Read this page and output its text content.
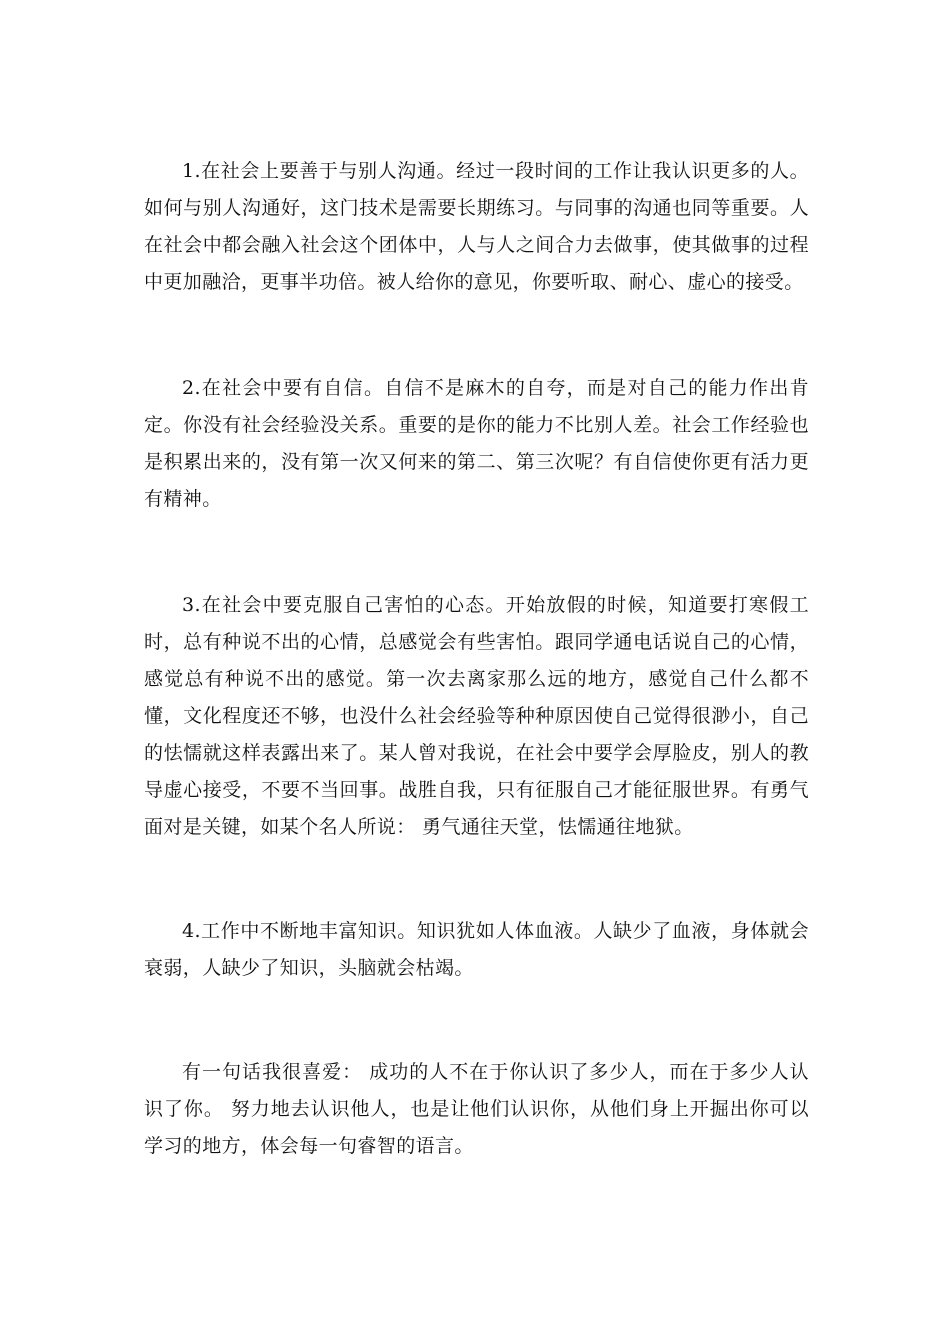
1.在社会上要善于与别人沟通。经过一段时间的工作让我认识更多的人。如何与别人沟通好，这门技术是需要长期练习。与同事的沟通也同等重要。人在社会中都会融入社会这个团体中，人与人之间合力去做事，使其做事的过程中更加融洽，更事半功倍。被人给你的意见，你要听取、耐心、虚心的接受。

2.在社会中要有自信。自信不是麻木的自夸，而是对自己的能力作出肯定。你没有社会经验没关系。重要的是你的能力不比别人差。社会工作经验也是积累出来的，没有第一次又何来的第二、第三次呢？有自信使你更有活力更有精神。

3.在社会中要克服自己害怕的心态。开始放假的时候，知道要打寒假工时，总有种说不出的心情，总感觉会有些害怕。跟同学通电话说自己的心情，感觉总有种说不出的感觉。第一次去离家那么远的地方，感觉自己什么都不懂，文化程度还不够，也没什么社会经验等种种原因使自己觉得很渺小，自己的怯懦就这样表露出来了。某人曾对我说，在社会中要学会厚脸皮，别人的教导虚心接受，不要不当回事。战胜自我，只有征服自己才能征服世界。有勇气面对是关键，如某个名人所说： 勇气通往天堂，怯懦通往地狱。

4.工作中不断地丰富知识。知识犹如人体血液。人缺少了血液，身体就会衰弱，人缺少了知识，头脑就会枯竭。

有一句话我很喜爱： 成功的人不在于你认识了多少人，而在于多少人认识了你。 努力地去认识他人，也是让他们认识你，从他们身上开掘出你可以学习的地方，体会每一句睿智的语言。
